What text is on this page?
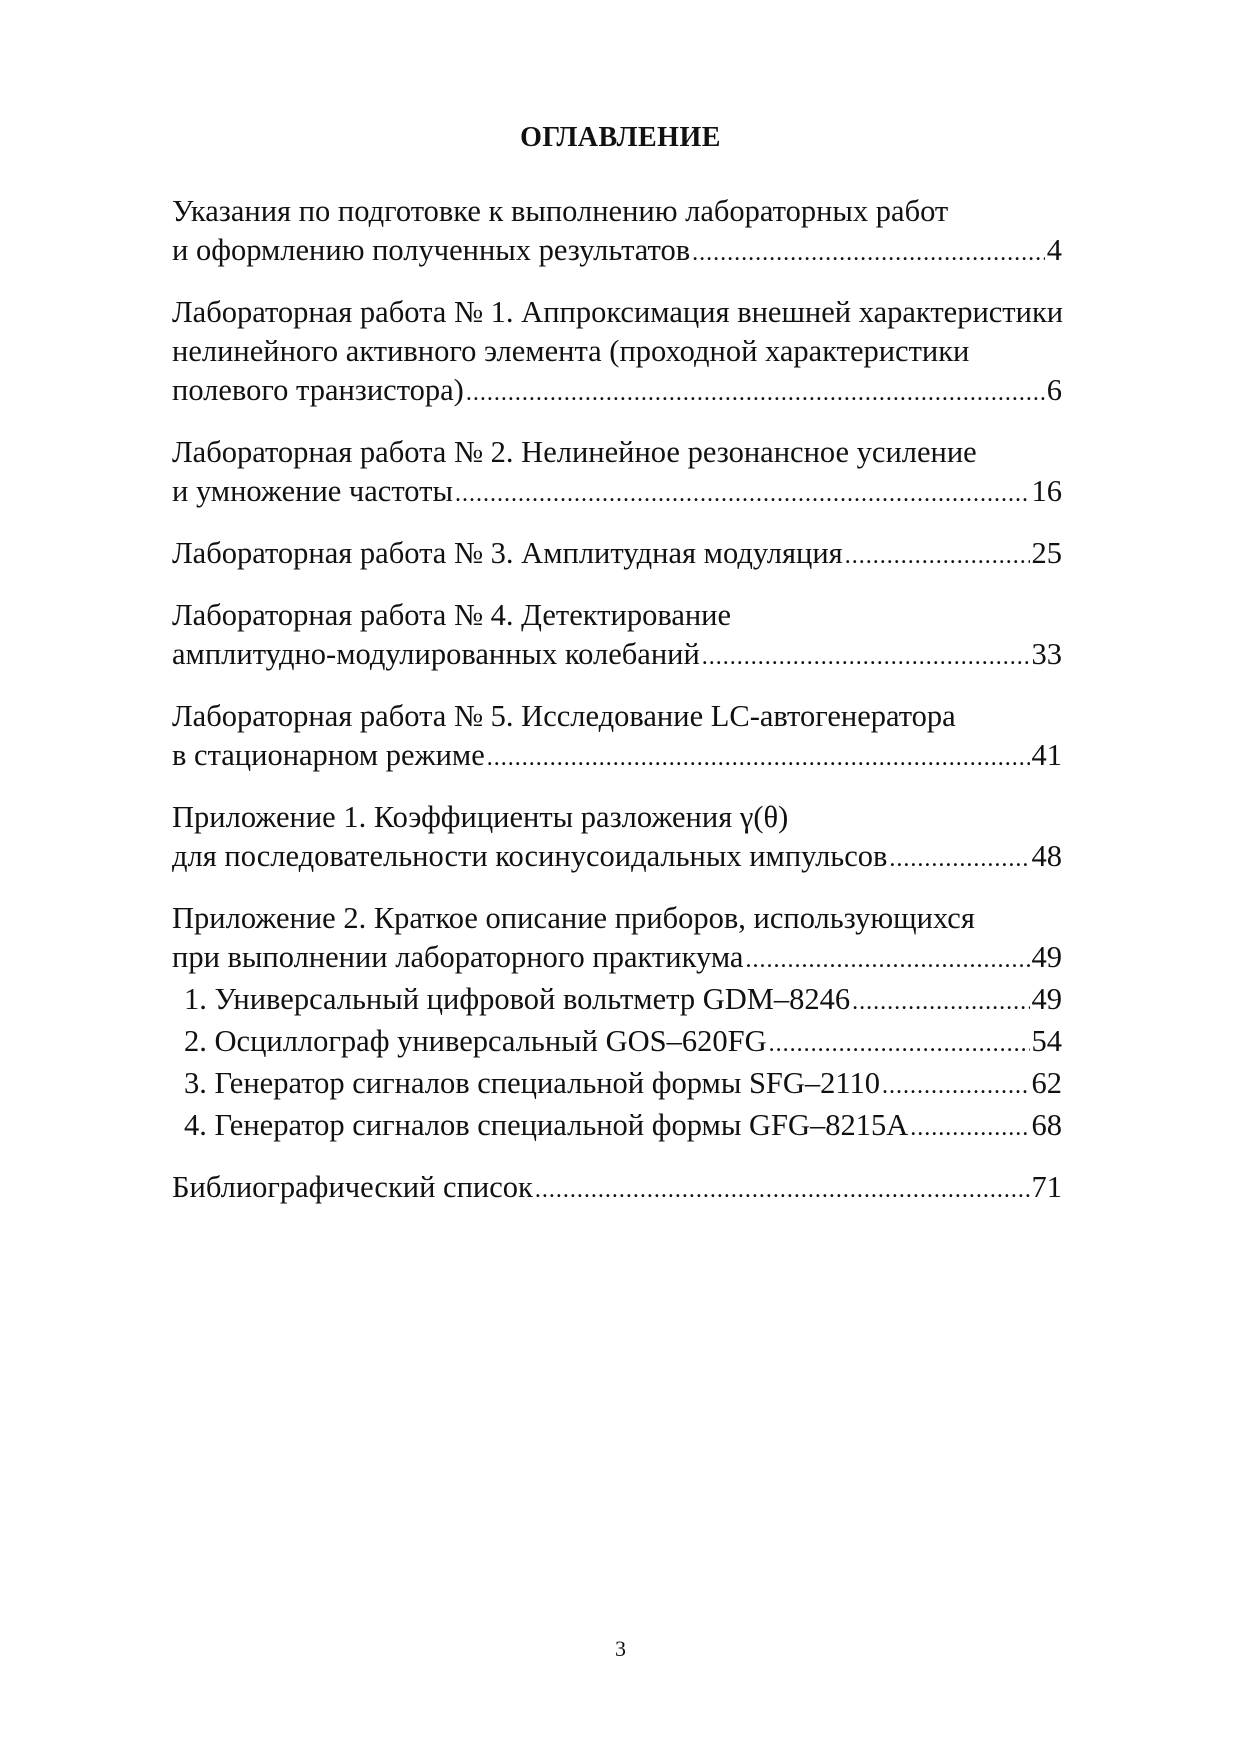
ОГЛАВЛЕНИЕ
Указания по подготовке к выполнению лабораторных работ
и оформлению полученных результатов .....	4
Лабораторная работа № 1. Аппроксимация внешней характеристики
нелинейного активного элемента (проходной характеристики
полевого транзистора) .....	6
Лабораторная работа № 2. Нелинейное резонансное усиление
и умножение частоты .....	16
Лабораторная работа № 3. Амплитудная модуляция .....	25
Лабораторная работа № 4. Детектирование
амплитудно-модулированных колебаний .....	33
Лабораторная работа № 5. Исследование LC-автогенератора
в стационарном режиме .....	41
Приложение 1. Коэффициенты разложения γ(θ)
для последовательности косинусоидальных импульсов .....	48
Приложение 2. Краткое описание приборов, использующихся
при выполнении лабораторного практикума .....	49
1. Универсальный цифровой вольтметр GDM–8246 .....	49
2. Осциллограф универсальный GOS–620FG .....	54
3. Генератор сигналов специальной формы SFG–2110 .....	62
4. Генератор сигналов специальной формы GFG–8215A .....	68
Библиографический список .....	71
3
